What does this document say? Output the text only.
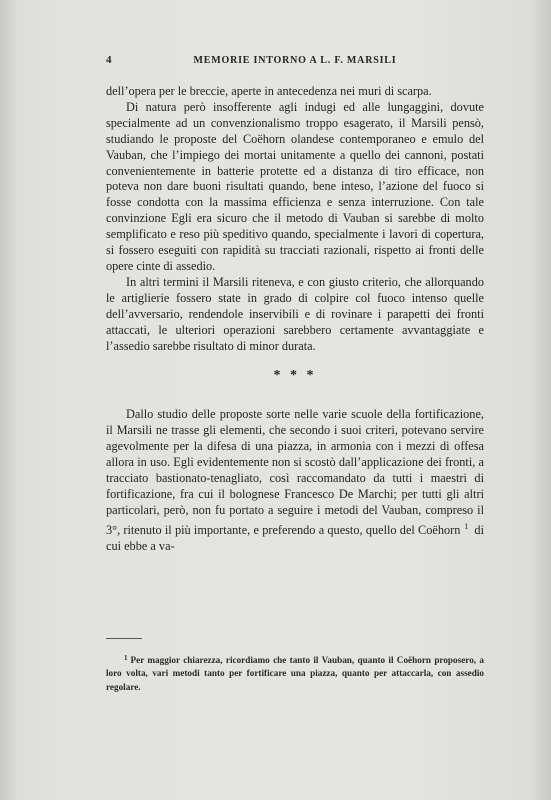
4	MEMORIE INTORNO A L. F. MARSILI

dell’opera per le breccie, aperte in antecedenza nei muri di scarpa.

Di natura però insofferente agli indugi ed alle lungaggini, dovute specialmente ad un convenzionalismo troppo esagerato, il Marsili pensò, studiando le proposte del Coëhorn olandese contemporaneo e emulo del Vauban, che l’impiego dei mortai unitamente a quello dei cannoni, postati convenientemente in batterie protette ed a distanza di tiro efficace, non poteva non dare buoni risultati quando, bene inteso, l’azione del fuoco si fosse condotta con la massima efficienza e senza interruzione. Con tale convinzione Egli era sicuro che il metodo di Vauban si sarebbe di molto semplificato e reso più speditivo quando, specialmente i lavori di copertura, si fossero eseguiti con rapidità su tracciati razionali, rispetto ai fronti delle opere cinte di assedio.

In altri termini il Marsili riteneva, e con giusto criterio, che allorquando le artiglierie fossero state in grado di colpire col fuoco intenso quelle dell’avversario, rendendole inservibili e di rovinare i parapetti dei fronti attaccati, le ulteriori operazioni sarebbero certamente avvantaggiate e l’assedio sarebbe risultato di minor durata.

* * *

Dallo studio delle proposte sorte nelle varie scuole della fortificazione, il Marsili ne trasse gli elementi, che secondo i suoi criteri, potevano servire agevolmente per la difesa di una piazza, in armonia con i mezzi di offesa allora in uso. Egli evidentemente non si scostò dall’applicazione dei fronti, a tracciato bastionato-tenagliato, così raccomandato da tutti i maestri di fortificazione, fra cui il bolognese Francesco De Marchi; per tutti gli altri particolari, però, non fu portato a seguire i metodi del Vauban, compreso il 3°, ritenuto il più importante, e preferendo a questo, quello del Coëhorn $^1$ di cui ebbe a va-

$^1$ Per maggior chiarezza, ricordiamo che tanto il Vauban, quanto il Coëhorn proposero, a loro volta, vari metodi tanto per fortificare una piazza, quanto per attaccarla, con assedio regolare.
